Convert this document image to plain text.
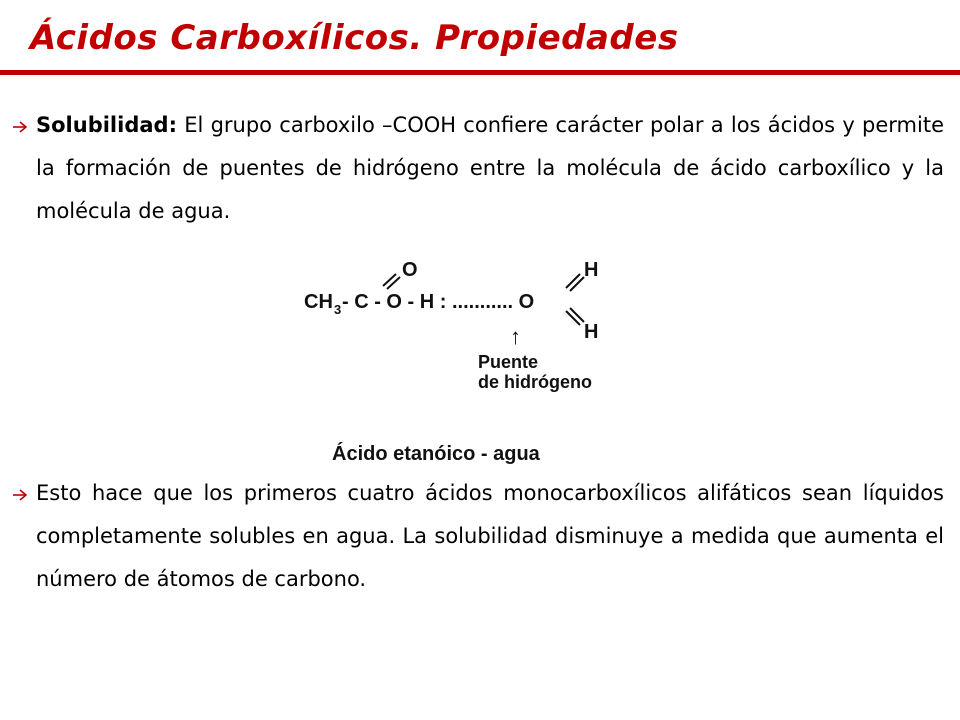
Ácidos Carboxílicos. Propiedades

Solubilidad: El grupo carboxilo –COOH confiere carácter polar a los ácidos y permite la formación de puentes de hidrógeno entre la molécula de ácido carboxílico y la molécula de agua.

O
CH 3 - C - O - H : ........... O
H
H
↑
Puente
de hidrógeno
Ácido etanóico - agua

Esto hace que los primeros cuatro ácidos monocarboxílicos alifáticos sean líquidos completamente solubles en agua. La solubilidad disminuye a medida que aumenta el número de átomos de carbono.
